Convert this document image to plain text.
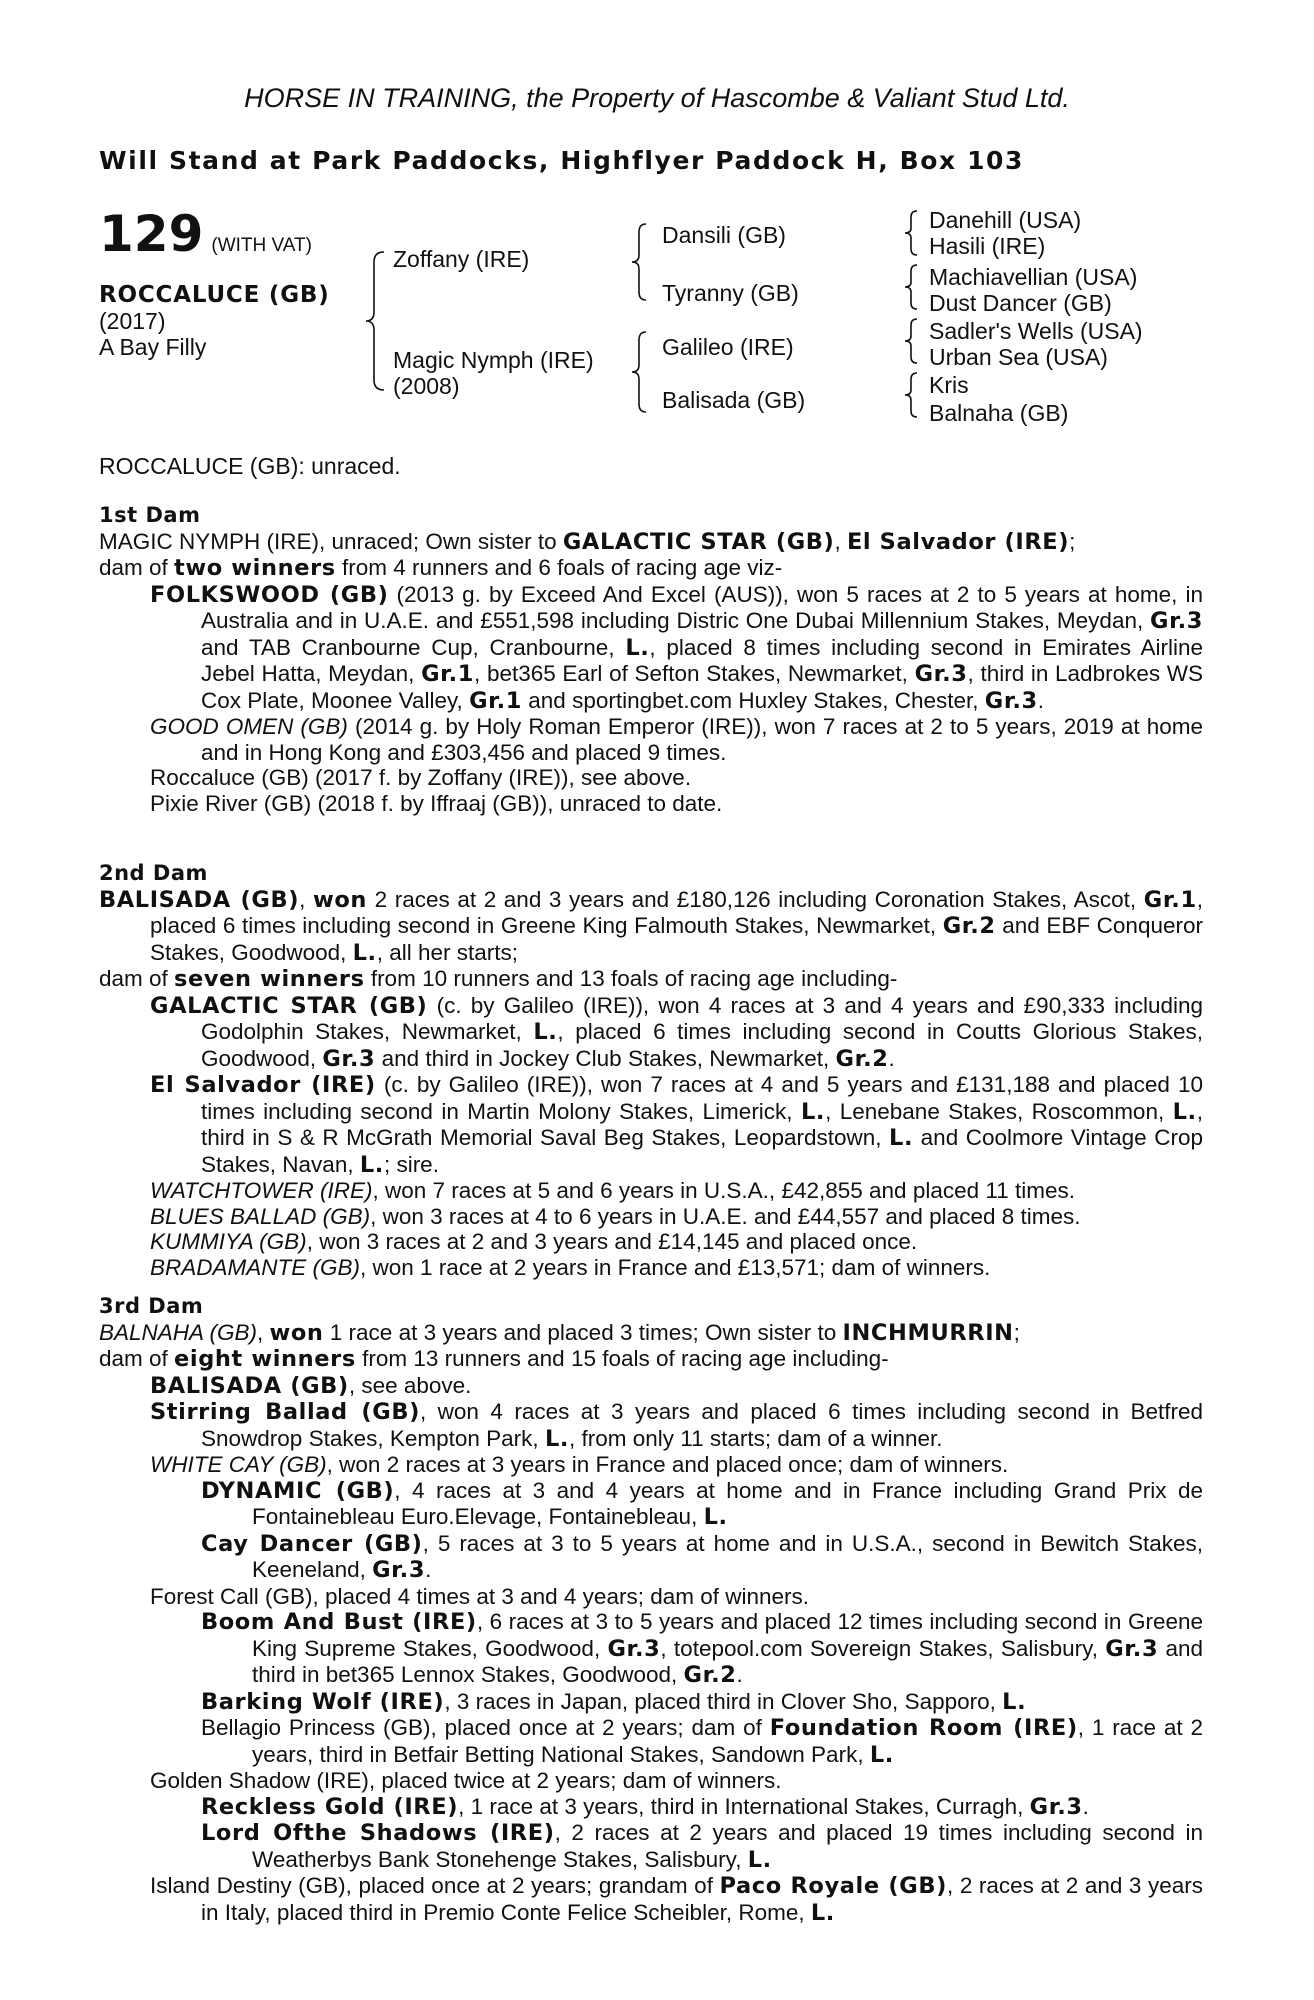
HORSE IN TRAINING, the Property of Hascombe & Valiant Stud Ltd.
Will Stand at Park Paddocks, Highflyer Paddock H, Box 103
129 (WITH VAT)
ROCCALUCE (GB)
(2017)
A Bay Filly
Zoffany (IRE)
Magic Nymph (IRE)
(2008)
Dansili (GB)
Tyranny (GB)
Galileo (IRE)
Balisada (GB)
Danehill (USA)
Hasili (IRE)
Machiavellian (USA)
Dust Dancer (GB)
Sadler's Wells (USA)
Urban Sea (USA)
Kris
Balnaha (GB)
ROCCALUCE (GB): unraced.

1st Dam

MAGIC NYMPH (IRE), unraced; Own sister to GALACTIC STAR (GB), El Salvador (IRE);

dam of two winners from 4 runners and 6 foals of racing age viz-

FOLKSWOOD (GB) (2013 g. by Exceed And Excel (AUS)), won 5 races at 2 to 5 years at home, in Australia and in U.A.E. and £551,598 including Distric One Dubai Millennium Stakes, Meydan, Gr.3 and TAB Cranbourne Cup, Cranbourne, L., placed 8 times including second in Emirates Airline Jebel Hatta, Meydan, Gr.1, bet365 Earl of Sefton Stakes, Newmarket, Gr.3, third in Ladbrokes WS Cox Plate, Moonee Valley, Gr.1 and sportingbet.com Huxley Stakes, Chester, Gr.3.

GOOD OMEN (GB) (2014 g. by Holy Roman Emperor (IRE)), won 7 races at 2 to 5 years, 2019 at home and in Hong Kong and £303,456 and placed 9 times.

Roccaluce (GB) (2017 f. by Zoffany (IRE)), see above.

Pixie River (GB) (2018 f. by Iffraaj (GB)), unraced to date.

2nd Dam

BALISADA (GB), won 2 races at 2 and 3 years and £180,126 including Coronation Stakes, Ascot, Gr.1, placed 6 times including second in Greene King Falmouth Stakes, Newmarket, Gr.2 and EBF Conqueror Stakes, Goodwood, L., all her starts;

dam of seven winners from 10 runners and 13 foals of racing age including-

GALACTIC STAR (GB) (c. by Galileo (IRE)), won 4 races at 3 and 4 years and £90,333 including Godolphin Stakes, Newmarket, L., placed 6 times including second in Coutts Glorious Stakes, Goodwood, Gr.3 and third in Jockey Club Stakes, Newmarket, Gr.2.

El Salvador (IRE) (c. by Galileo (IRE)), won 7 races at 4 and 5 years and £131,188 and placed 10 times including second in Martin Molony Stakes, Limerick, L., Lenebane Stakes, Roscommon, L., third in S & R McGrath Memorial Saval Beg Stakes, Leopardstown, L. and Coolmore Vintage Crop Stakes, Navan, L.; sire.

WATCHTOWER (IRE), won 7 races at 5 and 6 years in U.S.A., £42,855 and placed 11 times.

BLUES BALLAD (GB), won 3 races at 4 to 6 years in U.A.E. and £44,557 and placed 8 times.

KUMMIYA (GB), won 3 races at 2 and 3 years and £14,145 and placed once.

BRADAMANTE (GB), won 1 race at 2 years in France and £13,571; dam of winners.

3rd Dam

BALNAHA (GB), won 1 race at 3 years and placed 3 times; Own sister to INCHMURRIN;

dam of eight winners from 13 runners and 15 foals of racing age including-

BALISADA (GB), see above.

Stirring Ballad (GB), won 4 races at 3 years and placed 6 times including second in Betfred Snowdrop Stakes, Kempton Park, L., from only 11 starts; dam of a winner.

WHITE CAY (GB), won 2 races at 3 years in France and placed once; dam of winners.

DYNAMIC (GB), 4 races at 3 and 4 years at home and in France including Grand Prix de Fontainebleau Euro.Elevage, Fontainebleau, L.

Cay Dancer (GB), 5 races at 3 to 5 years at home and in U.S.A., second in Bewitch Stakes, Keeneland, Gr.3.

Forest Call (GB), placed 4 times at 3 and 4 years; dam of winners.

Boom And Bust (IRE), 6 races at 3 to 5 years and placed 12 times including second in Greene King Supreme Stakes, Goodwood, Gr.3, totepool.com Sovereign Stakes, Salisbury, Gr.3 and third in bet365 Lennox Stakes, Goodwood, Gr.2.

Barking Wolf (IRE), 3 races in Japan, placed third in Clover Sho, Sapporo, L.

Bellagio Princess (GB), placed once at 2 years; dam of Foundation Room (IRE), 1 race at 2 years, third in Betfair Betting National Stakes, Sandown Park, L.

Golden Shadow (IRE), placed twice at 2 years; dam of winners.

Reckless Gold (IRE), 1 race at 3 years, third in International Stakes, Curragh, Gr.3.

Lord Ofthe Shadows (IRE), 2 races at 2 years and placed 19 times including second in Weatherbys Bank Stonehenge Stakes, Salisbury, L.

Island Destiny (GB), placed once at 2 years; grandam of Paco Royale (GB), 2 races at 2 and 3 years in Italy, placed third in Premio Conte Felice Scheibler, Rome, L.
